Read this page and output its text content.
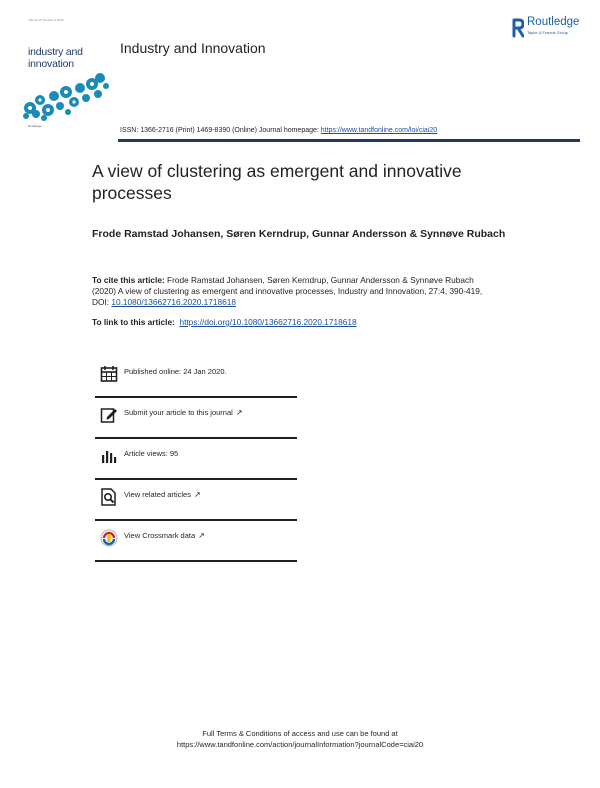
Volume 27 Number 4 2020
industry and
innovation
Routledge
Industry and Innovation
Routledge
Taylor & Francis Group
ISSN: 1366-2716 (Print) 1469-8390 (Online) Journal homepage: https://www.tandfonline.com/loi/ciai20
A view of clustering as emergent and innovative processes
Frode Ramstad Johansen, Søren Kerndrup, Gunnar Andersson & Synnøve Rubach
To cite this article: Frode Ramstad Johansen, Søren Kerndrup, Gunnar Andersson & Synnøve Rubach (2020) A view of clustering as emergent and innovative processes, Industry and Innovation, 27:4, 390-419, DOI: 10.1080/13662716.2020.1718618
To link to this article: https://doi.org/10.1080/13662716.2020.1718618
Published online: 24 Jan 2020.
Submit your article to this journal ↗
Article views: 95
View related articles ↗
View Crossmark data ↗
Full Terms & Conditions of access and use can be found at
https://www.tandfonline.com/action/journalInformation?journalCode=ciai20
